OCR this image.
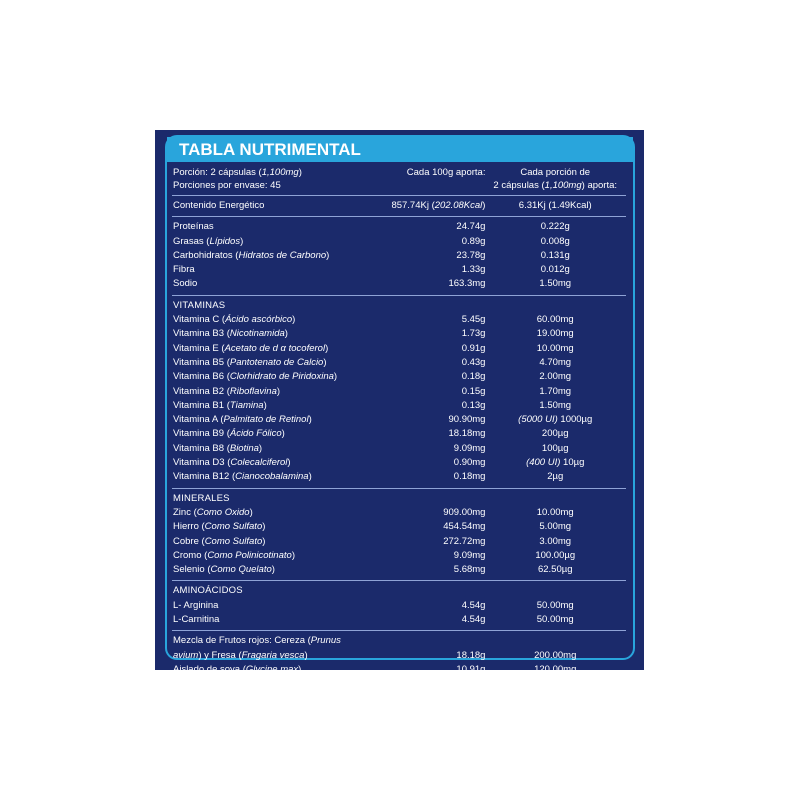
TABLA NUTRIMENTAL
Porción: 2 cápsulas (1,100mg)
Porciones por envase: 45
Cada 100g aporta:	Cada porción de
2 cápsulas (1,100mg) aporta:
Contenido Energético	857.74Kj (202.08Kcal)	6.31Kj (1.49Kcal)
Proteínas	24.74g	0.222g
Grasas (Lípidos)	0.89g	0.008g
Carbohidratos (Hidratos de Carbono)	23.78g	0.131g
Fibra	1.33g	0.012g
Sodio	163.3mg	1.50mg
VITAMINAS
Vitamina C (Ácido ascórbico)	5.45g	60.00mg
Vitamina B3 (Nicotinamida)	1.73g	19.00mg
Vitamina E (Acetato de d α tocoferol)	0.91g	10.00mg
Vitamina B5 (Pantotenato de Calcio)	0.43g	4.70mg
Vitamina B6 (Clorhidrato de Piridoxina)	0.18g	2.00mg
Vitamina B2 (Riboflavina)	0.15g	1.70mg
Vitamina B1 (Tiamina)	0.13g	1.50mg
Vitamina A (Palmitato de Retinol)	90.90mg	(5000 UI) 1000µg
Vitamina B9 (Ácido Fólico)	18.18mg	200µg
Vitamina B8 (Biotina)	9.09mg	100µg
Vitamina D3 (Colecalciferol)	0.90mg	(400 UI) 10µg
Vitamina B12 (Cianocobalamina)	0.18mg	2µg
MINERALES
Zinc (Como Oxido)	909.00mg	10.00mg
Hierro (Como Sulfato)	454.54mg	5.00mg
Cobre (Como Sulfato)	272.72mg	3.00mg
Cromo (Como Polinicotinato)	9.09mg	100.00µg
Selenio (Como Quelato)	5.68mg	62.50µg
AMINOÁCIDOS
L- Arginina	4.54g	50.00mg
L-Carnitina	4.54g	50.00mg
Mezcla de Frutos rojos: Cereza (Prunus
avium) y Fresa (Fragaria vesca)	18.18g	200.00mg
Aislado de soya (Glycine max)	10.91g	120.00mg
